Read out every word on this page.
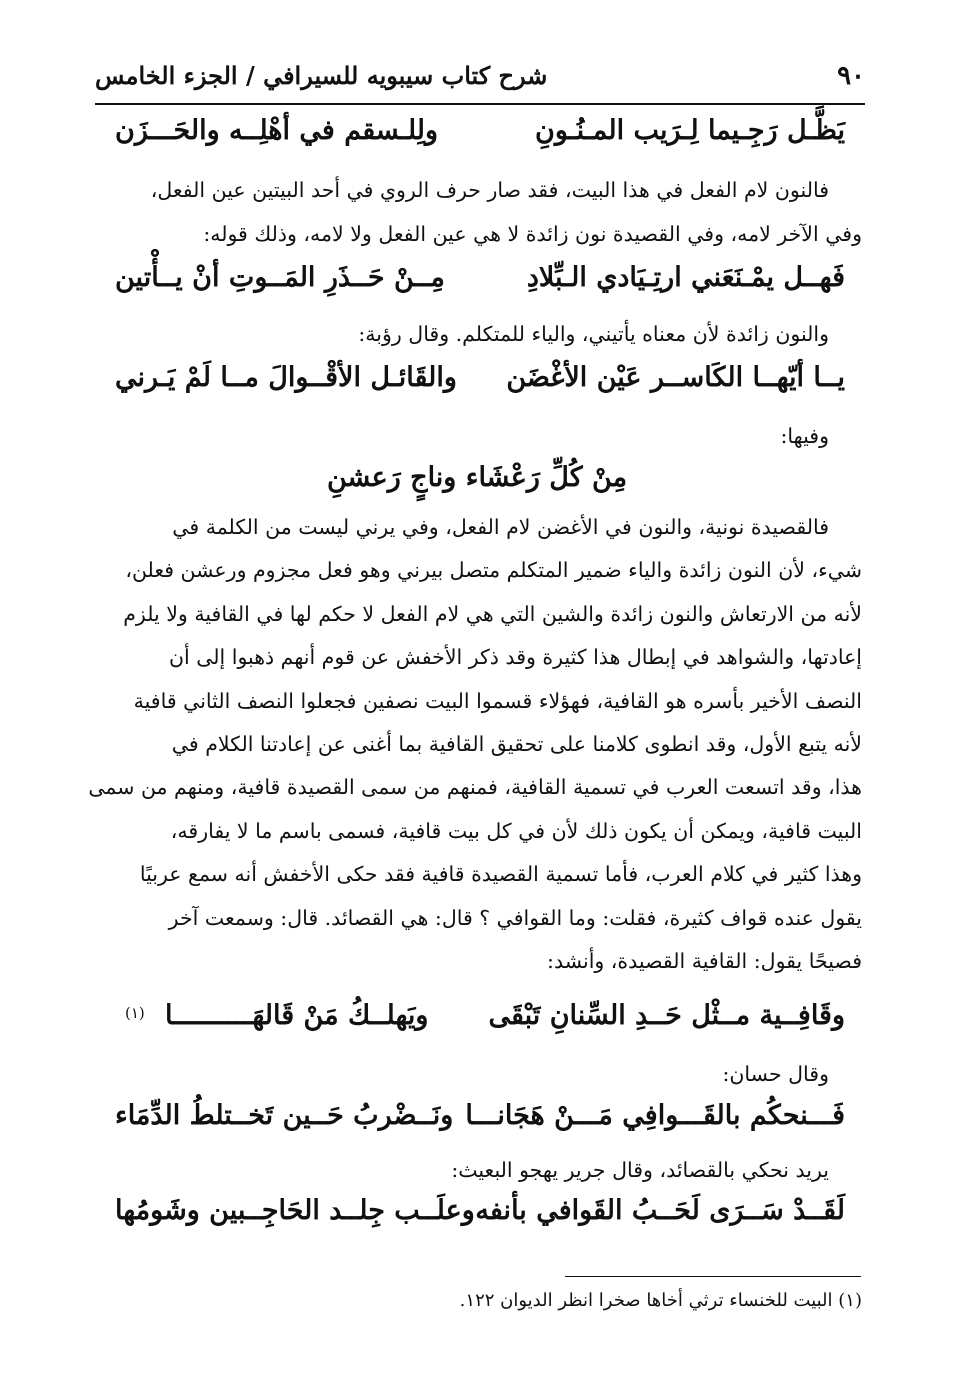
٩٠
شرح كتاب سيبويه للسيرافي / الجزء الخامس
يَظَّـل رَجِـيما لِـرَيب المـنُـونِ
ولِلـسقم في أهْلِــه والحَـــزَن
فالنون لام الفعل في هذا البيت، فقد صار حرف الروي في أحد البيتين عين الفعل،
وفي الآخر لامه، وفي القصيدة نون زائدة لا هي عين الفعل ولا لامه، وذلك قوله:
فَهــل يمْـنَعَني ارتِـيَادي الـبِّلادِ
مِــنْ حَــذَرِ المَــوتِ أنْ يــأْتين
والنون زائدة لأن معناه يأتيني، والياء للمتكلم. وقال رؤبة:
يــا أيّهــا الكَاســر عَيْن الأغْضَن
والقَائـل الأقْــوالَ مــا لَمْ يَـرني
وفيها:
مِنْ كُلِّ رَعْشَاء وناجٍ رَعشنِ
فالقصيدة نونية، والنون في الأغضن لام الفعل، وفي يرني ليست من الكلمة في
شيء، لأن النون زائدة والياء ضمير المتكلم متصل بيرني وهو فعل مجزوم ورعشن فعلن،
لأنه من الارتعاش والنون زائدة والشين التي هي لام الفعل لا حكم لها في القافية ولا يلزم
إعادتها، والشواهد في إبطال هذا كثيرة وقد ذكر الأخفش عن قوم أنهم ذهبوا إلى أن
النصف الأخير بأسره هو القافية، فهؤلاء قسموا البيت نصفين فجعلوا النصف الثاني قافية
لأنه يتبع الأول، وقد انطوى كلامنا على تحقيق القافية بما أغنى عن إعادتنا الكلام في
هذا، وقد اتسعت العرب في تسمية القافية، فمنهم من سمى القصيدة قافية، ومنهم من سمى
البيت قافية، ويمكن أن يكون ذلك لأن في كل بيت قافية، فسمى باسم ما لا يفارقه،
وهذا كثير في كلام العرب، فأما تسمية القصيدة قافية فقد حكى الأخفش أنه سمع عربيًا
يقول عنده قواف كثيرة، فقلت: وما القوافي ؟ قال: هي القصائد. قال: وسمعت آخر
فصيحًا يقول: القافية القصيدة، وأنشد:
وقَافِــية مــثْل حَــدِ السِّنانِ تَبْقَى
ويَهلــكُ مَنْ قَالهَــــــــــا
(١)
وقال حسان:
فَـــنحكُم بالقَـــوافِي مَـــنْ هَجَانـــا
ونَــضْربُ حَــين تَخــتلطُ الدِّمَاء
يريد نحكي بالقصائد، وقال جرير يهجو البعيث:
لَقَــدْ سَــرَى لَحَــبُ القَوافي بأنفه
وعلَــب جِلــد الحَاجِــبين وشَومُها
(١) البيت للخنساء ترثي أخاها صخرا انظر الديوان ١٢٢.
